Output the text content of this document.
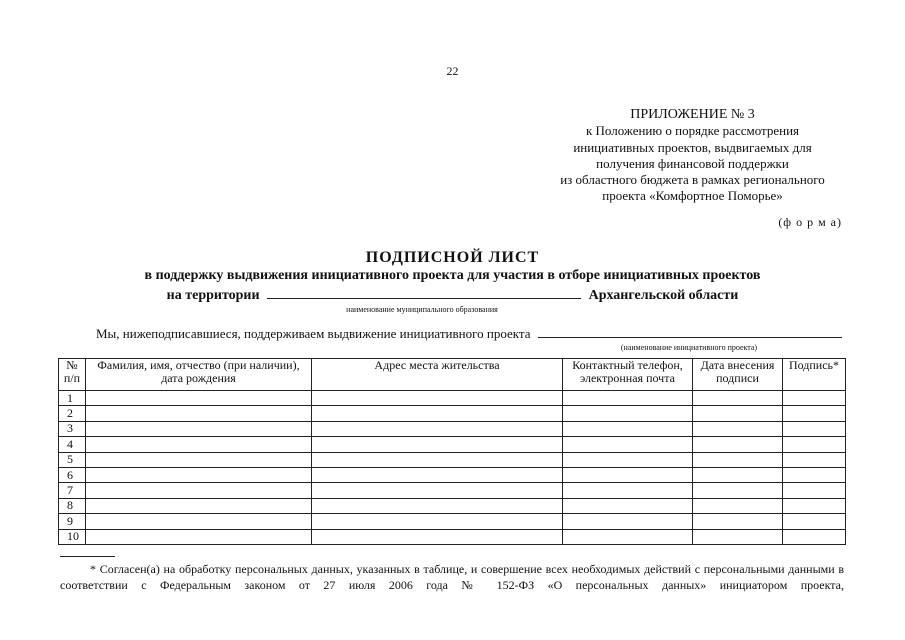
22
ПРИЛОЖЕНИЕ № 3
к Положению о порядке рассмотрения
инициативных проектов, выдвигаемых для
получения финансовой поддержки
из областного бюджета в рамках регионального
проекта «Комфортное Поморье»
(ф о р м а)
ПОДПИСНОЙ ЛИСТ
в поддержку выдвижения инициативного проекта для участия в отборе инициативных проектов
на территории	Архангельской области
наименование муниципального образования
Мы, нижеподписавшиеся, поддерживаем выдвижение инициативного проекта
(наименование инициативного проекта)
№ п/п	Фамилия, имя, отчество (при наличии), дата рождения	Адрес места жительства	Контактный телефон, электронная почта	Дата внесения подписи	Подпись*
1					
2					
3					
4					
5					
6					
7					
8					
9					
10					
* Согласен(а) на обработку персональных данных, указанных в таблице, и совершение всех необходимых действий с персональными данными в соответствии с Федеральным законом от 27 июля 2006 года № 152-ФЗ «О персональных данных» инициатором проекта,
